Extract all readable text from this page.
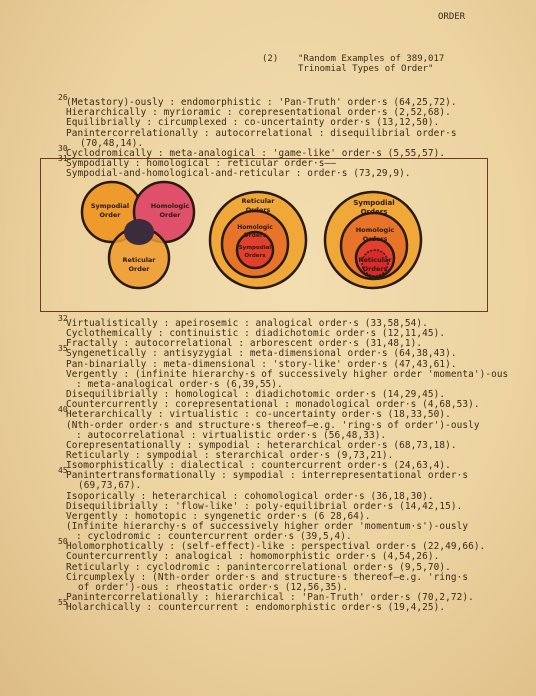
ORDER
(2) "Random Examples of 389,017
Trinomial Types of Order"
26
(Metastory)-ously : endomorphistic : 'Pan-Truth' order·s (64,25,72).
Hierarchically : myrioramic : corepresentational order·s (2,52,68).
Equilibrially : circumplexed : co-uncertainty order·s (13,12,50).
Panintercorrelationally : autocorrelational : disequilibrial order·s
(70,48,14).
30
Cyclodromically : meta-analogical : 'game-like' order·s (5,55,57).
31
Sympodially : homological : reticular order·s——
Sympodial-and-homological-and-reticular : order·s (73,29,9).
Sympodial
Order
Homologic
Order
Reticular
Order
Reticular
Orders
Homologic
Orders
Sympodial
Orders
Sympodial
Orders
Homologic
Orders
Reticular
Orders
32
Virtualistically : apeirosemic : analogical order·s (33,58,54).
Cyclothemically : continuistic : diadichotomic order·s (12,11,45).
Fractally : autocorrelational : arborescent order·s (31,48,1).
35
Syngenetically : antisyzygial : meta-dimensional order·s (64,38,43).
Pan-binarially : meta-dimensional : 'story-like' order·s (47,43,61).
Vergently : (infinite hierarchy·s of successively higher order 'momenta')-ous
: meta-analogical order·s (6,39,55).
Disequilibrially : homological : diadichotomic order·s (14,29,45).
Countercurrently : corepresentational : monadological order·s (4,68,53).
40
Heterarchically : virtualistic : co-uncertainty order·s (18,33,50).
(Nth-order order·s and structure·s thereof—e.g. 'ring·s of order')-ously
: autocorrelational : virtualistic order·s (56,48,33).
Corepresentationally : sympodial : heterarchical order·s (68,73,18).
Reticularly : sympodial : sterarchical order·s (9,73,21).
Isomorphistically : dialectical : countercurrent order·s (24,63,4).
45
Panintertransformationally : sympodial : interrepresentational order·s
(69,73,67).
Isoporically : heterarchical : cohomological order·s (36,18,30).
Disequilibrially : 'flow-like' : poly-equilibrial order·s (14,42,15).
Vergently : homotopic : syngenetic order·s (6 28,64).
(Infinite hierarchy·s of successively higher order 'momentum·s')-ously
: cyclodromic : countercurrent order·s (39,5,4).
50
Holomorphotically : (self-effect)-like : perspectival order·s (22,49,66).
Countercurrently : analogical : homomorphistic order·s (4,54,26).
Reticularly : cyclodromic : panintercorrelational order·s (9,5,70).
Circumplexly : (Nth-order order·s and structure·s thereof—e.g. 'ring·s
of order')-ous : rheostatic order·s (12,56,35).
Panintercorrelationally : hierarchical : 'Pan-Truth' order·s (70,2,72).
55
Holarchically : countercurrent : endomorphistic order·s (19,4,25).
